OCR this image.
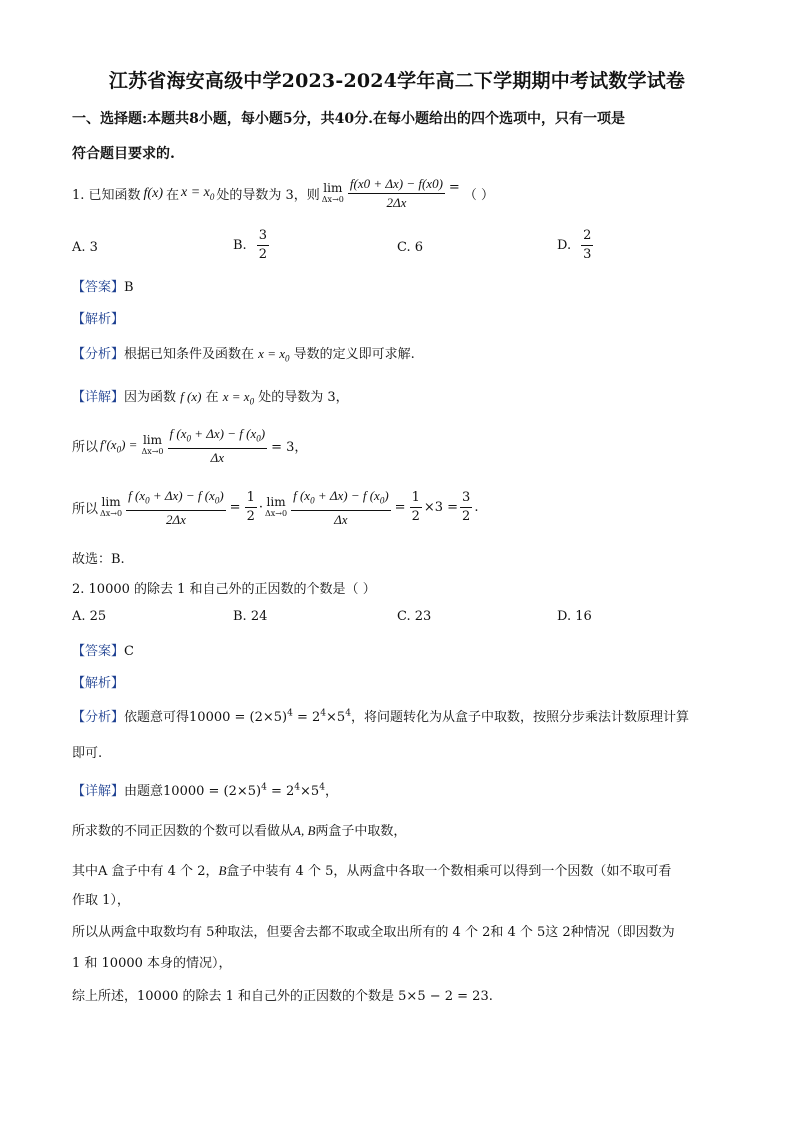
江苏省海安高级中学2023-2024学年高二下学期期中考试数学试卷
一、选择题:本题共8小题，每小题5分，共40分.在每小题给出的四个选项中，只有一项是
符合题目要求的.
1. 已知函数 f(x) 在 $x = x_0$ 处的导数为 3，则
lim
$\Delta x\to 0 \frac{f(x0 + \Delta x) - f(x0)}{2\Delta x}$ =
（ ）
A. 3	B. $\frac{3}{2}$	C. 6	D. $\frac{2}{3}$
【答案】B
【解析】
【分析】根据已知条件及函数在 $x = x_0$ 导数的定义即可求解.
【详解】因为函数 f (x) 在 $x = x_0$ 处的导数为 3，
所以 $f'(x_0) = \lim$
$\Delta x\to 0 \frac{f (x_0 + \Delta x) - f (x_0)}{\Delta x} = 3$，
所以
lim
$\Delta x\to 0 \frac{f (x_0 + \Delta x) - f (x_0)}{2\Delta x} = \frac{1}{2} \cdot \lim$
$\Delta x\to 0 \frac{f (x_0 + \Delta x) - f (x_0)}{\Delta x} = \frac{1}{2} \times 3 = \frac{3}{2}$ .
故选：B.
2. 10000 的除去 1 和自己外的正因数的个数是（ ）
A. 25	B. 24	C. 23	D. 16
【答案】C
【解析】
【分析】依题意可得$10000 = (2\times 5)^4 = 2^4\times 5^4$，将问题转化为从盒子中取数，按照分步乘法计数原理计算
即可.
【详解】由题意$10000 = (2\times 5)^4 = 2^4\times 5^4$，
所求数的不同正因数的个数可以看做从A, B两盒子中取数，
其中A 盒子中有 4 个 2，B盒子中装有 4 个 5，从两盒中各取一个数相乘可以得到一个因数（如不取可看
作取 1），
所以从两盒中取数均有 5种取法，但要舍去都不取或全取出所有的 4 个 2和 4 个 5这 2种情况（即因数为
1 和 10000 本身的情况），
综上所述，10000 的除去 1 和自己外的正因数的个数是 5×5 − 2 = 23.
